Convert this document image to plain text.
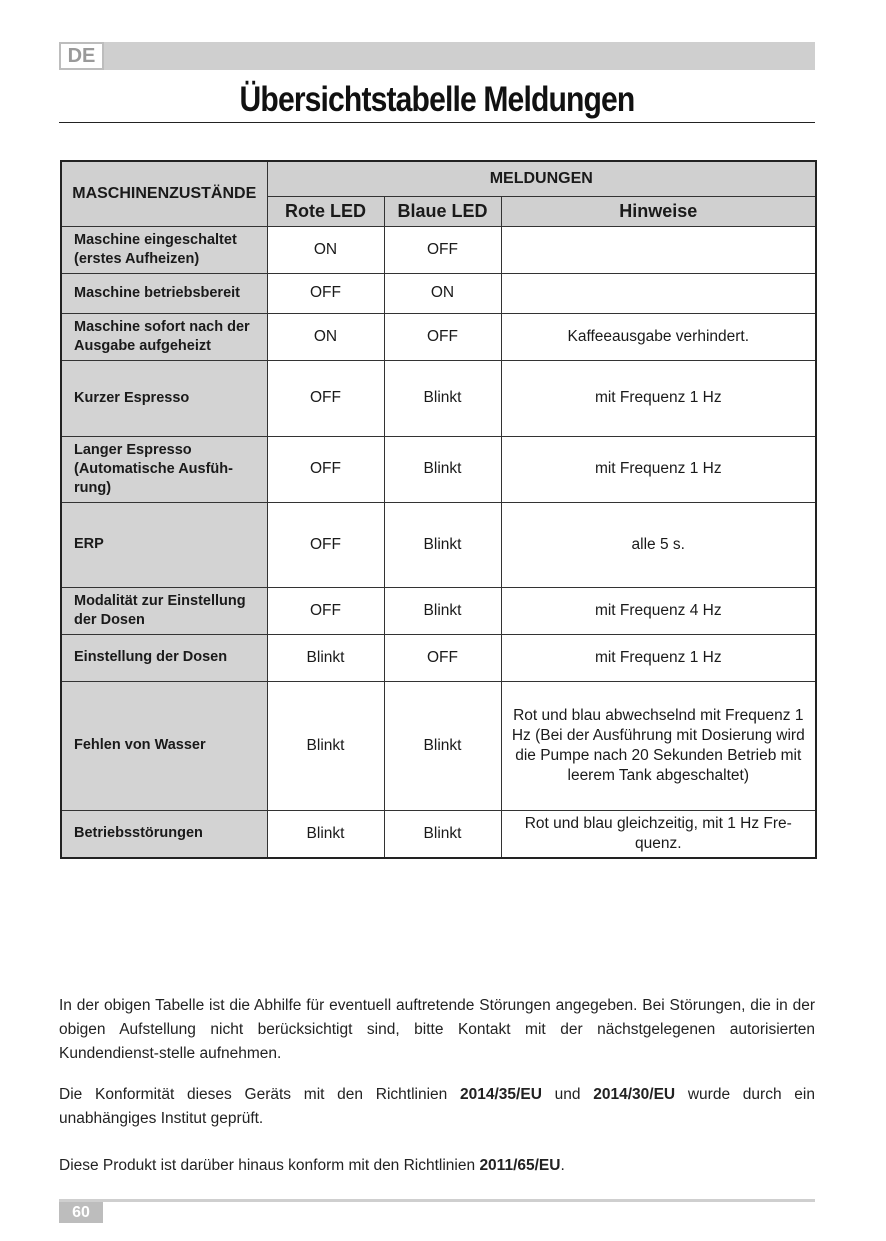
DE
Übersichtstabelle Meldungen
MASCHINENZUSTÄNDE	MELDUNGEN		
	Rote LED	Blaue LED	Hinweise
Maschine eingeschaltet (erstes Aufheizen)	ON	OFF	
Maschine betriebsbereit	OFF	ON	
Maschine sofort nach der Ausgabe aufgeheizt	ON	OFF	Kaffeeausgabe verhindert.
Kurzer Espresso	OFF	Blinkt	mit Frequenz 1 Hz
Langer Espresso (Automatische Ausfüh-rung)	OFF	Blinkt	mit Frequenz 1 Hz
ERP	OFF	Blinkt	alle 5 s.
Modalität zur Einstellung der Dosen	OFF	Blinkt	mit Frequenz 4 Hz
Einstellung der Dosen	Blinkt	OFF	mit Frequenz 1 Hz
Fehlen von Wasser	Blinkt	Blinkt	Rot und blau abwechselnd mit Frequenz 1 Hz (Bei der Ausführung mit Dosierung wird die Pumpe nach 20 Sekunden Betrieb mit leerem Tank abgeschaltet)
Betriebsstörungen	Blinkt	Blinkt	Rot und blau gleichzeitig, mit 1 Hz Fre-quenz.

In der obigen Tabelle ist die Abhilfe für eventuell auftretende Störungen angegeben. Bei Störungen, die in der obigen Aufstellung nicht berücksichtigt sind, bitte Kontakt mit der nächstgelegenen autorisierten Kundendienst-stelle aufnehmen.

Die Konformität dieses Geräts mit den Richtlinien 2014/35/EU und 2014/30/EU wurde durch ein unabhängiges Institut geprüft.

Diese Produkt ist darüber hinaus konform mit den Richtlinien 2011/65/EU.

60
